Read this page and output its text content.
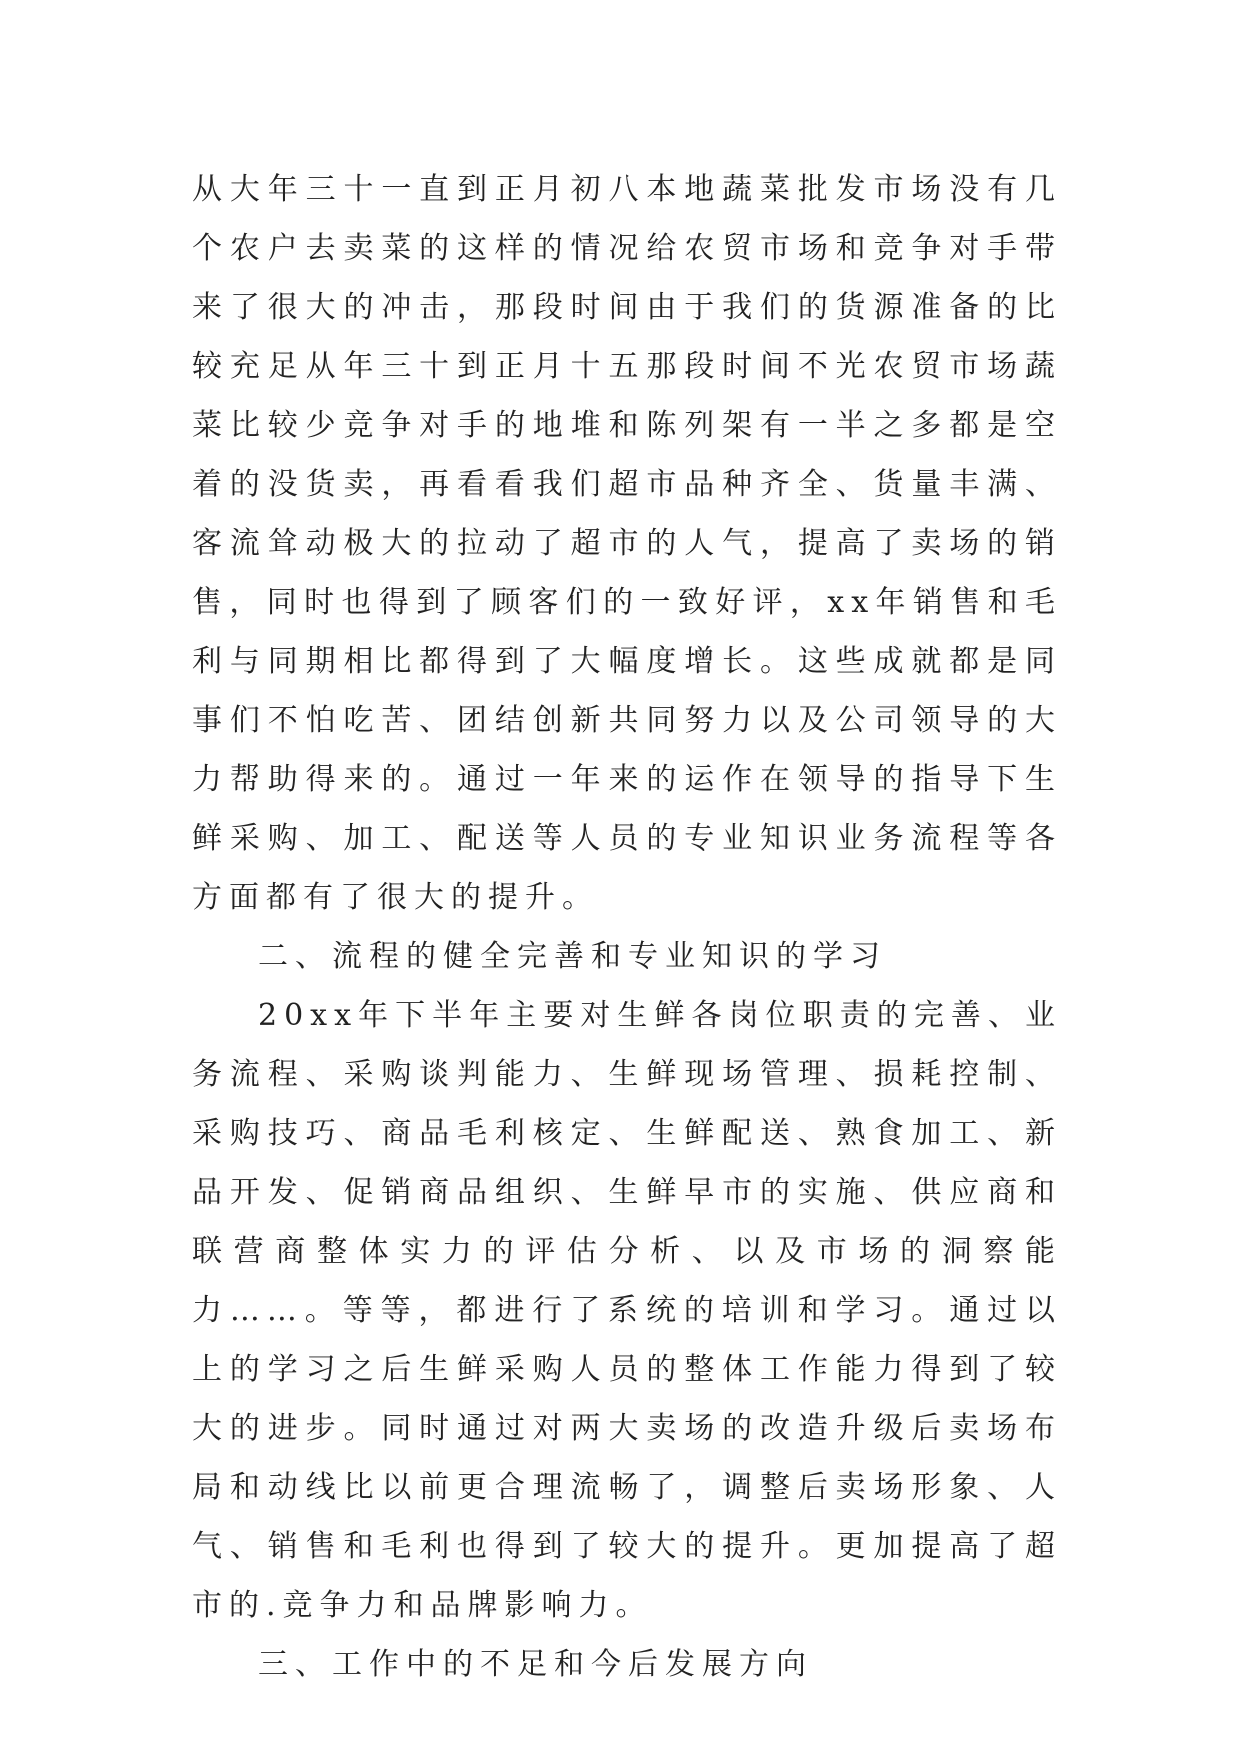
从大年三十一直到正月初八本地蔬菜批发市场没有几个农户去卖菜的这样的情况给农贸市场和竞争对手带来了很大的冲击，那段时间由于我们的货源准备的比较充足从年三十到正月十五那段时间不光农贸市场蔬菜比较少竞争对手的地堆和陈列架有一半之多都是空着的没货卖，再看看我们超市品种齐全、货量丰满、客流耸动极大的拉动了超市的人气，提高了卖场的销售，同时也得到了顾客们的一致好评，xx年销售和毛利与同期相比都得到了大幅度增长。这些成就都是同事们不怕吃苦、团结创新共同努力以及公司领导的大力帮助得来的。通过一年来的运作在领导的指导下生鲜采购、加工、配送等人员的专业知识业务流程等各方面都有了很大的提升。

二、流程的健全完善和专业知识的学习

20xx年下半年主要对生鲜各岗位职责的完善、业务流程、采购谈判能力、生鲜现场管理、损耗控制、采购技巧、商品毛利核定、生鲜配送、熟食加工、新品开发、促销商品组织、生鲜早市的实施、供应商和联营商整体实力的评估分析、以及市场的洞察能力……。等等，都进行了系统的培训和学习。通过以上的学习之后生鲜采购人员的整体工作能力得到了较大的进步。同时通过对两大卖场的改造升级后卖场布局和动线比以前更合理流畅了，调整后卖场形象、人气、销售和毛利也得到了较大的提升。更加提高了超市的.竞争力和品牌影响力。

三、工作中的不足和今后发展方向
